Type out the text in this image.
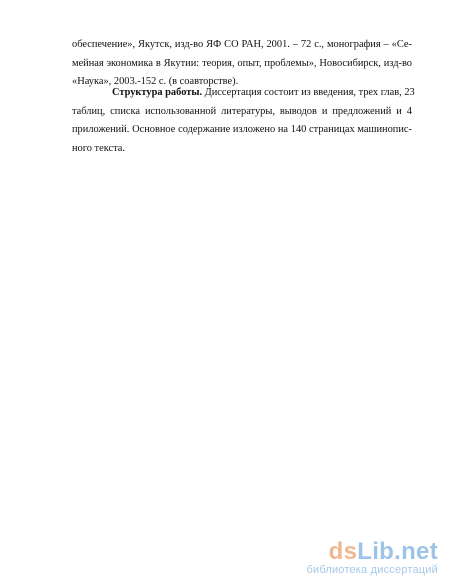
обеспечение», Якутск, изд-во ЯФ СО РАН, 2001. – 72 с., монография – «Се-
мейная экономика в Якутии: теория, опыт, проблемы», Новосибирск, изд-во
«Наука», 2003.-152 с. (в соавторстве).
Структура работы. Диссертация состоит из введения, трех глав, 23
таблиц, списка использованной литературы, выводов и предложений и 4
приложений. Основное содержание изложено на 140 страницах машинопис-
ного текста.
dsLib.net
библиотека диссертаций
